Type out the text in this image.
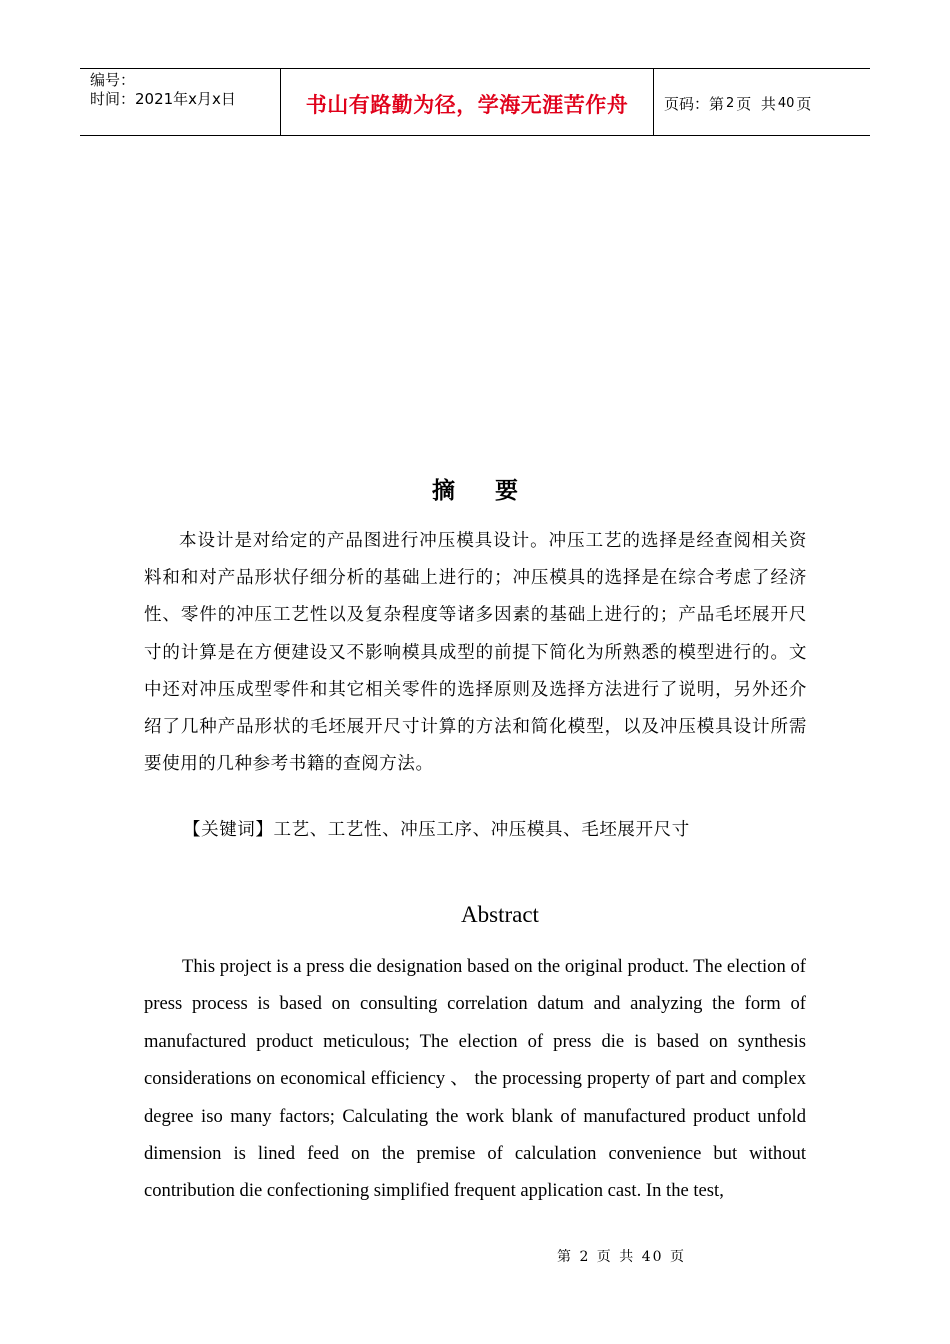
编号：
时间：2021年x月x日	书山有路勤为径，学海无涯苦作舟	页码：第 2 页  共 40 页
摘要

本设计是对给定的产品图进行冲压模具设计。冲压工艺的选择是经查阅相关资料和和对产品形状仔细分析的基础上进行的；冲压模具的选择是在综合考虑了经济性、零件的冲压工艺性以及复杂程度等诸多因素的基础上进行的；产品毛坯展开尺寸的计算是在方便建设又不影响模具成型的前提下简化为所熟悉的模型进行的。文中还对冲压成型零件和其它相关零件的选择原则及选择方法进行了说明，另外还介绍了几种产品形状的毛坯展开尺寸计算的方法和简化模型，以及冲压模具设计所需要使用的几种参考书籍的查阅方法。

【关键词】工艺、工艺性、冲压工序、冲压模具、毛坯展开尺寸
Abstract

This project is a press die designation based on the original product. The election of press process is based on consulting correlation datum and analyzing the form of manufactured product meticulous; The election of press die is based on synthesis considerations on economical efficiency 、 the processing property of part and complex degree iso many factors; Calculating the work blank of manufactured product unfold dimension is lined feed on the premise of calculation convenience but without contribution die confectioning simplified frequent application cast. In the test,

第 2 页 共 40 页
